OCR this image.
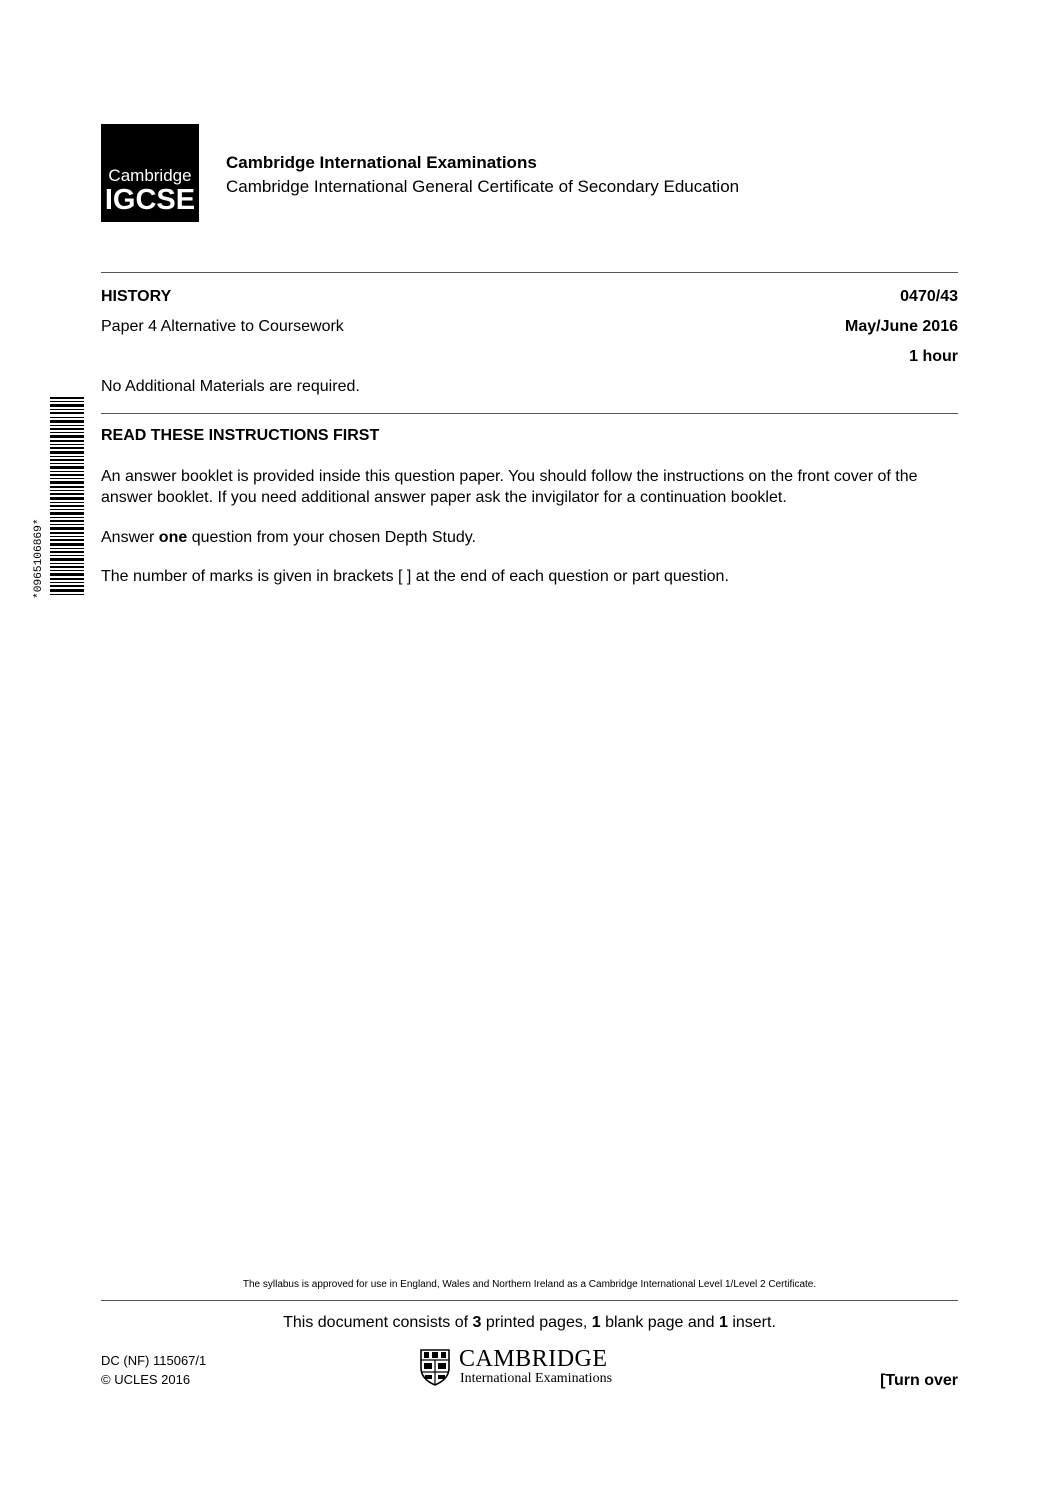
Cambridge
IGCSE
Cambridge International Examinations
Cambridge International General Certificate of Secondary Education
HISTORY	0470/43
Paper 4 Alternative to Coursework	May/June 2016
1 hour
No Additional Materials are required.
*0965106869*
READ THESE INSTRUCTIONS FIRST
An answer booklet is provided inside this question paper. You should follow the instructions on the front cover of the answer booklet. If you need additional answer paper ask the invigilator for a continuation booklet.
Answer one question from your chosen Depth Study.
The number of marks is given in brackets [ ] at the end of each question or part question.
The syllabus is approved for use in England, Wales and Northern Ireland as a Cambridge International Level 1/Level 2 Certificate.
This document consists of 3 printed pages, 1 blank page and 1 insert.
DC (NF) 115067/1
© UCLES 2016
CAMBRIDGE
International Examinations	[Turn over
